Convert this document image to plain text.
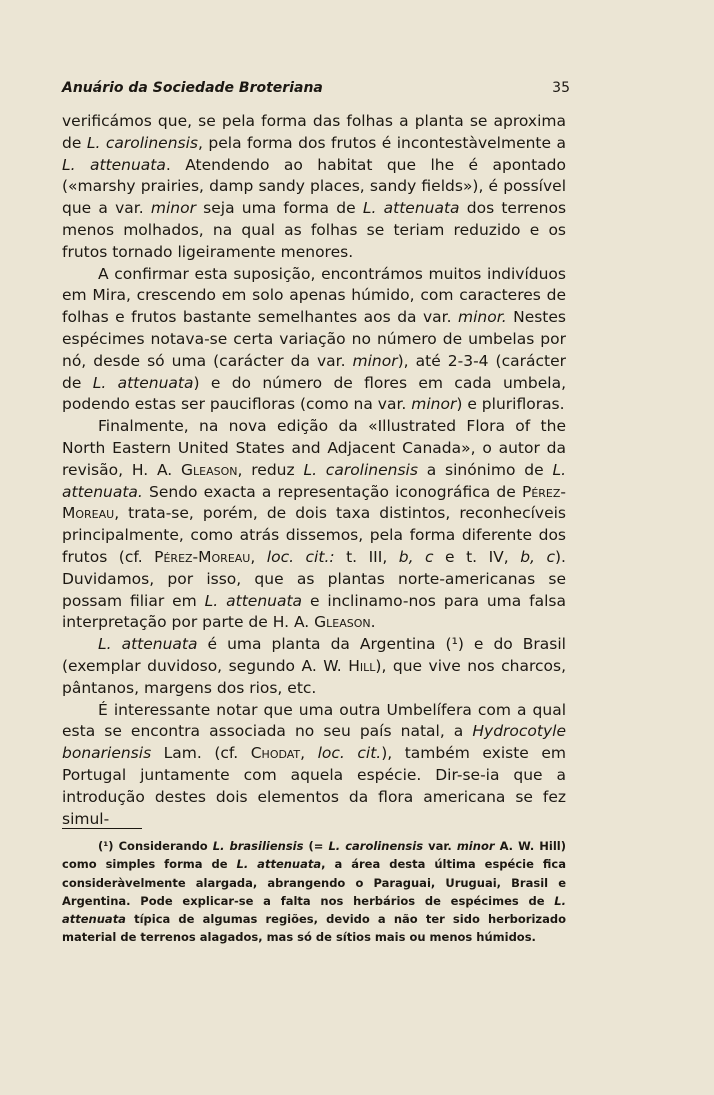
Anuário da Sociedade Broteriana	35

verificámos que, se pela forma das folhas a planta se aproxima de L. carolinensis, pela forma dos frutos é incontestàvelmente a L. attenuata. Atendendo ao habitat que lhe é apontado («marshy prairies, damp sandy places, sandy fields»), é possível que a var. minor seja uma forma de L. attenuata dos terrenos menos molhados, na qual as folhas se teriam reduzido e os frutos tornado ligeiramente menores.

A confirmar esta suposição, encontrámos muitos indivíduos em Mira, crescendo em solo apenas húmido, com caracteres de folhas e frutos bastante semelhantes aos da var. minor. Nestes espécimes notava-se certa variação no número de umbelas por nó, desde só uma (carácter da var. minor), até 2-3-4 (carácter de L. attenuata) e do número de flores em cada umbela, podendo estas ser paucifloras (como na var. minor) e plurifloras.

Finalmente, na nova edição da «Illustrated Flora of the North Eastern United States and Adjacent Canada», o autor da revisão, H. A. Gleason, reduz L. carolinensis a sinónimo de L. attenuata. Sendo exacta a representação iconográfica de Pérez-Moreau, trata-se, porém, de dois taxa distintos, reconhecíveis principalmente, como atrás dissemos, pela forma diferente dos frutos (cf. Pérez-Moreau, loc. cit.: t. III, b, c e t. IV, b, c). Duvidamos, por isso, que as plantas norte-americanas se possam filiar em L. attenuata e inclinamo-nos para uma falsa interpretação por parte de H. A. Gleason.

L. attenuata é uma planta da Argentina (¹) e do Brasil (exemplar duvidoso, segundo A. W. Hill), que vive nos charcos, pântanos, margens dos rios, etc.

É interessante notar que uma outra Umbelífera com a qual esta se encontra associada no seu país natal, a Hydrocotyle bonariensis Lam. (cf. Chodat, loc. cit.), também existe em Portugal juntamente com aquela espécie. Dir-se-ia que a introdução destes dois elementos da flora americana se fez simul-

(¹) Considerando L. brasiliensis (= L. carolinensis var. minor A. W. Hill) como simples forma de L. attenuata, a área desta última espécie fica consideràvelmente alargada, abrangendo o Paraguai, Uruguai, Brasil e Argentina. Pode explicar-se a falta nos herbários de espécimes de L. attenuata típica de algumas regiões, devido a não ter sido herborizado material de terrenos alagados, mas só de sítios mais ou menos húmidos.
